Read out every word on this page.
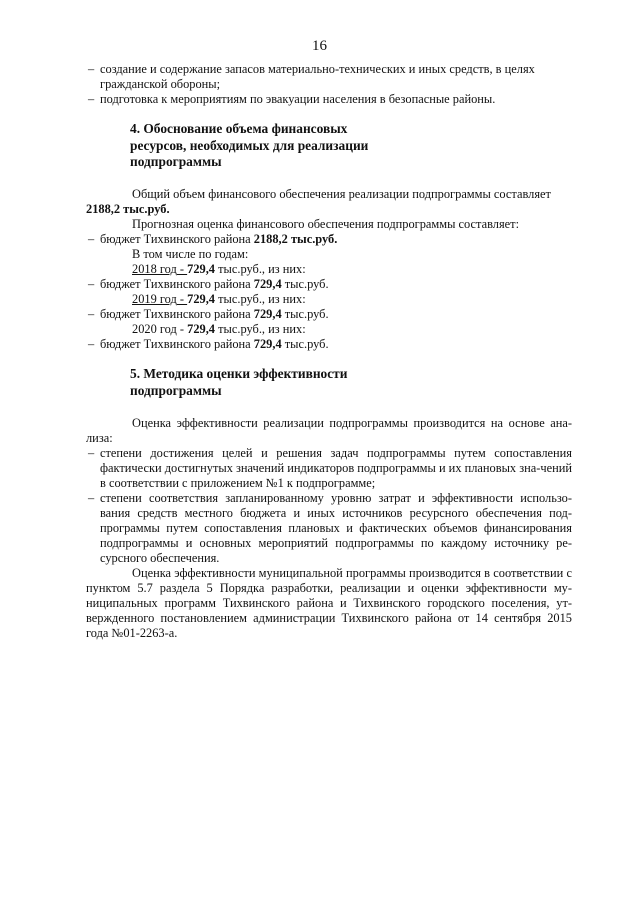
16

– создание и содержание запасов материально-технических и иных средств, в целях гражданской обороны;

– подготовка к мероприятиям по эвакуации населения в безопасные районы.

4. Обоснование объема финансовых
ресурсов, необходимых для реализации
подпрограммы

Общий объем финансового обеспечения реализации подпрограммы составляет 2188,2 тыс.руб.

Прогнозная оценка финансового обеспечения подпрограммы составляет:

– бюджет Тихвинского района 2188,2 тыс.руб.

В том числе по годам:

2018 год - 729,4 тыс.руб., из них:

– бюджет Тихвинского района 729,4 тыс.руб.

2019 год - 729,4 тыс.руб., из них:

– бюджет Тихвинского района 729,4 тыс.руб.

2020 год - 729,4 тыс.руб., из них:

– бюджет Тихвинского района 729,4 тыс.руб.

5. Методика оценки эффективности
подпрограммы

Оценка эффективности реализации подпрограммы производится на основе ана-лиза:

– степени достижения целей и решения задач подпрограммы путем сопоставления фактически достигнутых значений индикаторов подпрограммы и их плановых зна-чений в соответствии с приложением №1 к подпрограмме;

– степени соответствия запланированному уровню затрат и эффективности использо-вания средств местного бюджета и иных источников ресурсного обеспечения под-программы путем сопоставления плановых и фактических объемов финансирования подпрограммы и основных мероприятий подпрограммы по каждому источнику ре-сурсного обеспечения.

Оценка эффективности муниципальной программы производится в соответствии с пунктом 5.7 раздела 5 Порядка разработки, реализации и оценки эффективности му-ниципальных программ Тихвинского района и Тихвинского городского поселения, ут-вержденного постановлением администрации Тихвинского района от 14 сентября 2015 года №01-2263-а.
